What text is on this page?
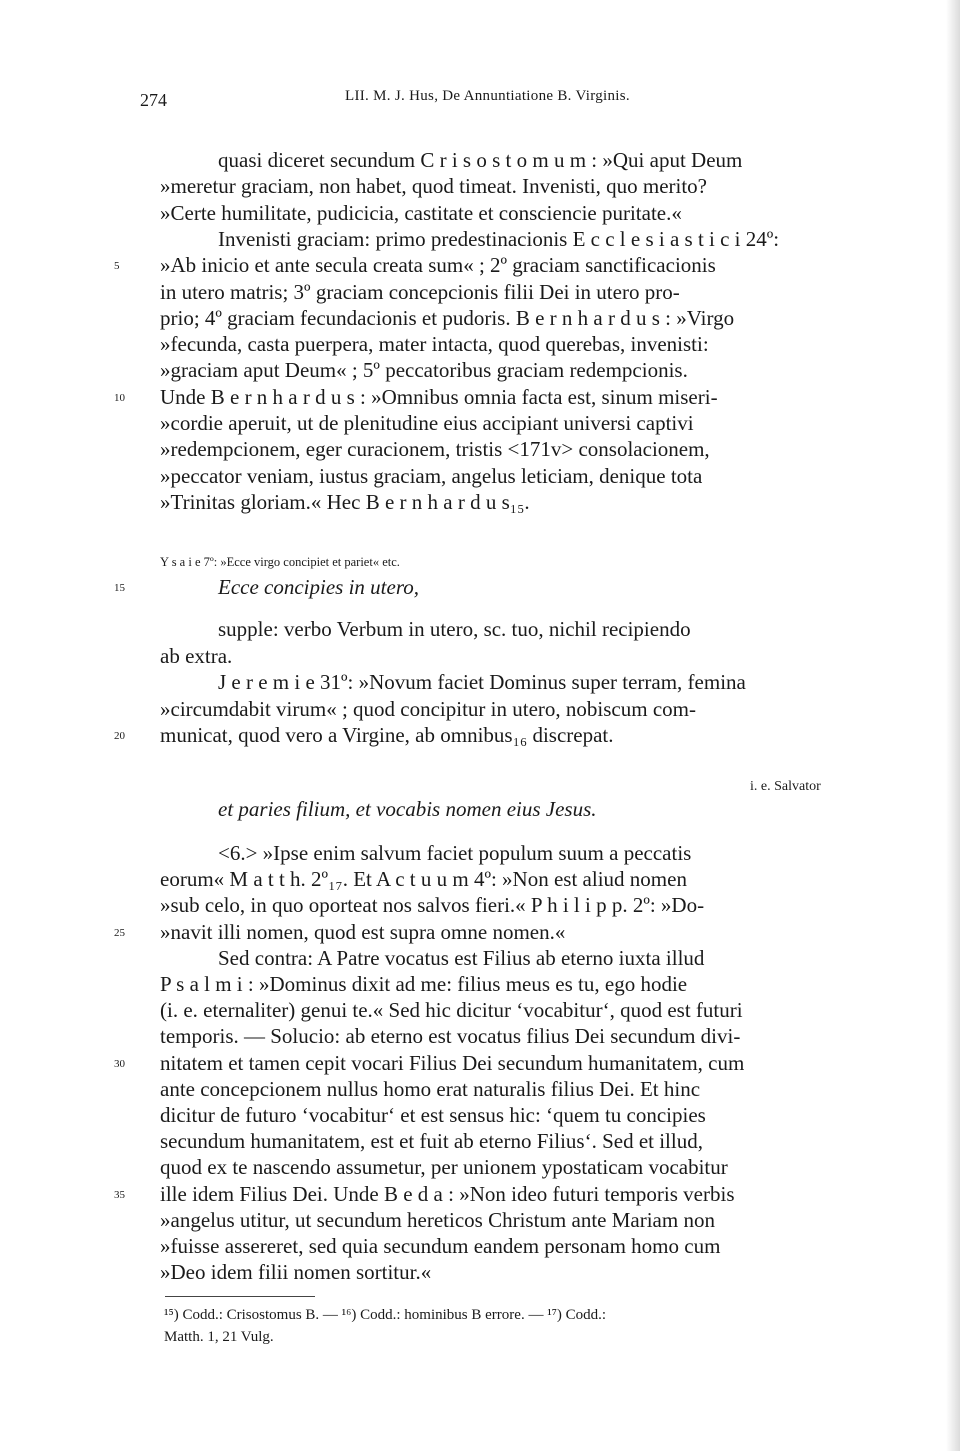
274	LII. M. J. Hus, De Annuntiatione B. Virginis.
quasi diceret secundum C r i s o s t o m u m : »Qui aput Deum
»meretur graciam, non habet, quod timeat. Invenisti, quo merito?
»Certe humilitate, pudicicia, castitate et consciencie puritate.«
Invenisti graciam: primo predestinacionis E c c l e s i a s t i c i 24º:
5	»Ab inicio et ante secula creata sum« ; 2º graciam sanctificacionis
in utero matris; 3º graciam concepcionis filii Dei in utero pro-
prio; 4º graciam fecundacionis et pudoris. B e r n h a r d u s : »Virgo
»fecunda, casta puerpera, mater intacta, quod querebas, invenisti:
»graciam aput Deum« ; 5º peccatoribus graciam redempcionis.
10	Unde B e r n h a r d u s : »Omnibus omnia facta est, sinum miseri-
»cordie aperuit, ut de plenitudine eius accipiant universi captivi
»redempcionem, eger curacionem, tristis <171v> consolacionem,
»peccator veniam, iustus graciam, angelus leticiam, denique tota
»Trinitas gloriam.« Hec B e r n h a r d u s₁₅.
Y s a i e 7º: »Ecce virgo concipiet et pariet« etc.
15	Ecce concipies in utero,
supple: verbo Verbum in utero, sc. tuo, nichil recipiendo
ab extra.
J e r e m i e 31º: »Novum faciet Dominus super terram, femina
»circumdabit virum« ; quod concipitur in utero, nobiscum com-
20	municat, quod vero a Virgine, ab omnibus₁₆ discrepat.
i. e. Salvator
et paries filium, et vocabis nomen eius Jesus.
<6.> »Ipse enim salvum faciet populum suum a peccatis
eorum« M a t t h. 2º₁₇. Et A c t u u m 4º: »Non est aliud nomen
»sub celo, in quo oporteat nos salvos fieri.« P h i l i p p. 2º: »Do-
25	»navit illi nomen, quod est supra omne nomen.«
Sed contra: A Patre vocatus est Filius ab eterno iuxta illud
P s a l m i : »Dominus dixit ad me: filius meus es tu, ego hodie
(i. e. eternaliter) genui te.« Sed hic dicitur ‘vocabitur‘, quod est futuri
temporis. — Solucio: ab eterno est vocatus filius Dei secundum divi-
30	nitatem et tamen cepit vocari Filius Dei secundum humanitatem, cum
ante concepcionem nullus homo erat naturalis filius Dei. Et hinc
dicitur de futuro ‘vocabitur‘ et est sensus hic: ‘quem tu concipies
secundum humanitatem, est et fuit ab eterno Filius‘. Sed et illud,
quod ex te nascendo assumetur, per unionem ypostaticam vocabitur
35	ille idem Filius Dei. Unde B e d a : »Non ideo futuri temporis verbis
»angelus utitur, ut secundum hereticos Christum ante Mariam non
»fuisse assereret, sed quia secundum eandem personam homo cum
»Deo idem filii nomen sortitur.«
¹⁵) Codd.: Crisostomus B. — ¹⁶) Codd.: hominibus B errore. — ¹⁷) Codd.:
Matth. 1, 21 Vulg.
